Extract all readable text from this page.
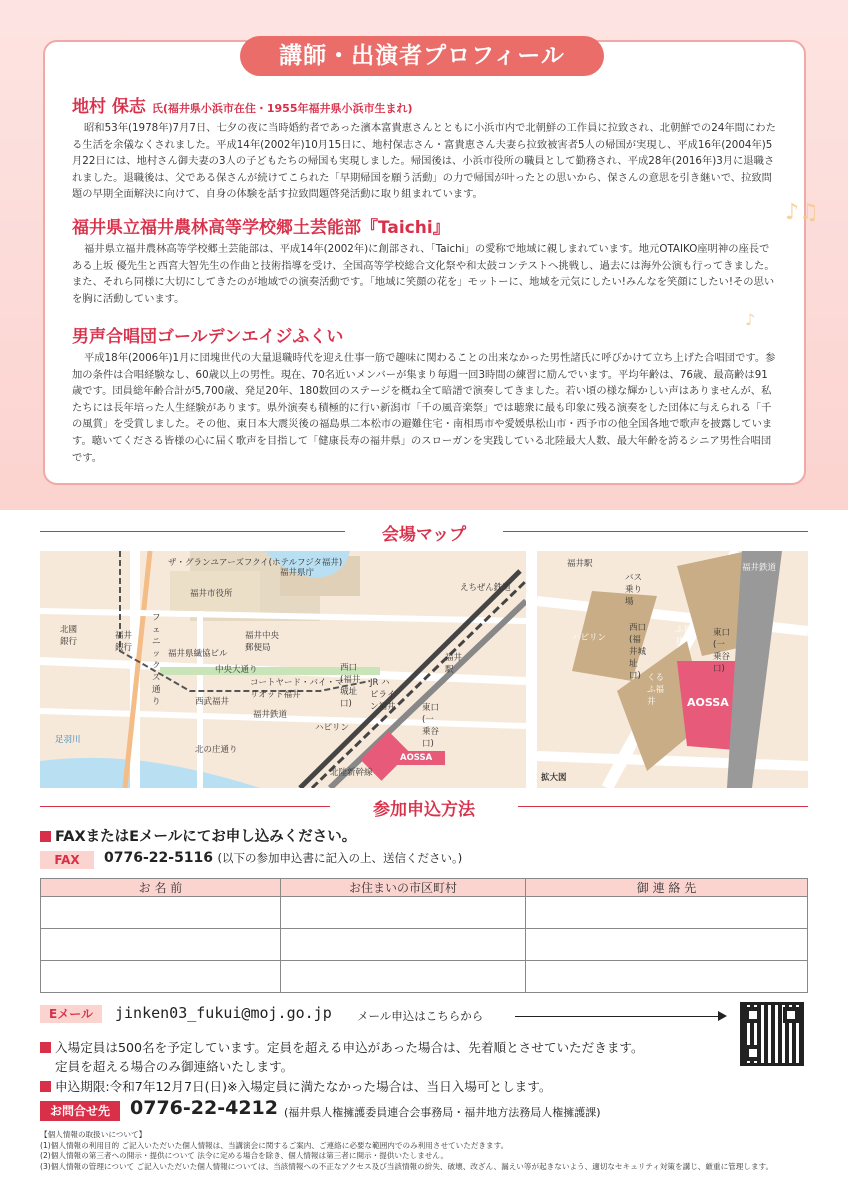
講師・出演者プロフィール
♪♫
♪
地村 保志 氏(福井県小浜市在住・1955年福井県小浜市生まれ)

昭和53年(1978年)7月7日、七夕の夜に当時婚約者であった濱本富貴恵さんとともに小浜市内で北朝鮮の工作員に拉致され、北朝鮮での24年間にわたる生活を余儀なくされました。平成14年(2002年)10月15日に、地村保志さん・富貴恵さん夫妻ら拉致被害者5人の帰国が実現し、平成16年(2004年)5月22日には、地村さん御夫妻の3人の子どもたちの帰国も実現しました。帰国後は、小浜市役所の職員として勤務され、平成28年(2016年)3月に退職されました。退職後は、父である保さんが続けてこられた「早期帰国を願う活動」の力で帰国が叶ったとの思いから、保さんの意思を引き継いで、拉致問題の早期全面解決に向けて、自身の体験を話す拉致問題啓発活動に取り組まれています。

福井県立福井農林高等学校郷土芸能部『Taichi』

福井県立福井農林高等学校郷土芸能部は、平成14年(2002年)に創部され、「Taichi」の愛称で地域に親しまれています。地元OTAIKO座明神の座長である上坂 優先生と西宮大智先生の作曲と技術指導を受け、全国高等学校総合文化祭や和太鼓コンテストへ挑戦し、過去には海外公演も行ってきました。また、それら同様に大切にしてきたのが地域での演奏活動です。「地域に笑顔の花を」モットーに、地域を元気にしたい!みんなを笑顔にしたい!その思いを胸に活動しています。

男声合唱団ゴールデンエイジふくい

平成18年(2006年)1月に団塊世代の大量退職時代を迎え仕事一筋で趣味に関わることの出来なかった男性諸氏に呼びかけて立ち上げた合唱団です。参加の条件は合唱経験なし、60歳以上の男性。現在、70名近いメンバーが集まり毎週一回3時間の練習に励んでいます。平均年齢は、76歳、最高齢は91歳です。団員総年齢合計が5,700歳、発足20年、180数回のステージを概ね全て暗譜で演奏してきました。若い頃の様な輝かしい声はありませんが、私たちには長年培った人生経験があります。県外演奏も積極的に行い新潟市「千の風音楽祭」では聴衆に最も印象に残る演奏をした団体に与えられる「千の風賞」を受賞しました。その他、東日本大震災後の福島県二本松市の避難住宅・南相馬市や愛媛県松山市・西予市の他全国各地で歌声を披露しています。聴いてくださる皆様の心に届く歌声を目指して「健康長寿の福井県」のスローガンを実践している北陸最大人数、最大年齢を誇るシニア男性合唱団です。

会場マップ
ザ・グランユアーズフクイ(ホテルフジタ福井)
福井県庁
福井市役所
フェニックス通り
えちぜん鉄道
北國銀行
福井銀行
福井中央郵便局
福井県繊協ビル
中央大通り
コートヤード・バイ・マリオット福井
西武福井
福井鉄道
北の庄通り
足羽川
ハピリン
西口(福井城址口)
JR ハピライン福井
福井駅
東口(一乗谷口)
北陸新幹線
AOSSA
福井駅
バス乗り場
ハピリン
西口(福井城址口)
くるふ福井
東口(一乗谷口)
くるふ福井	AOSSA
拡大図
福井鉄道
参加申込方法
FAXまたはEメールにてお申し込みください。
FAX	0776-22-5116 (以下の参加申込書に記入の上、送信ください。)
お 名 前	お住まいの市区町村	御 連 絡 先

Eメール	jinken03_fukui@moj.go.jp メール申込はこちらから
入場定員は500名を予定しています。定員を超える申込があった場合は、先着順とさせていただきます。
定員を超える場合のみ御連絡いたします。
申込期限:令和7年12月7日(日)※入場定員に満たなかった場合は、当日入場可とします。
お問合せ先	0776-22-4212 (福井県人権擁護委員連合会事務局・福井地方法務局人権擁護課)
【個人情報の取扱いについて】
(1)個人情報の利用目的 ご記入いただいた個人情報は、当講演会に関するご案内、ご連絡に必要な範囲内でのみ利用させていただきます。
(2)個人情報の第三者への開示・提供について 法令に定める場合を除き、個人情報は第三者に開示・提供いたしません。
(3)個人情報の管理について ご記入いただいた個人情報については、当該情報への不正なアクセス及び当該情報の紛失、破壊、改ざん、漏えい等が起きないよう、適切なセキュリティ対策を講じ、厳重に管理します。
